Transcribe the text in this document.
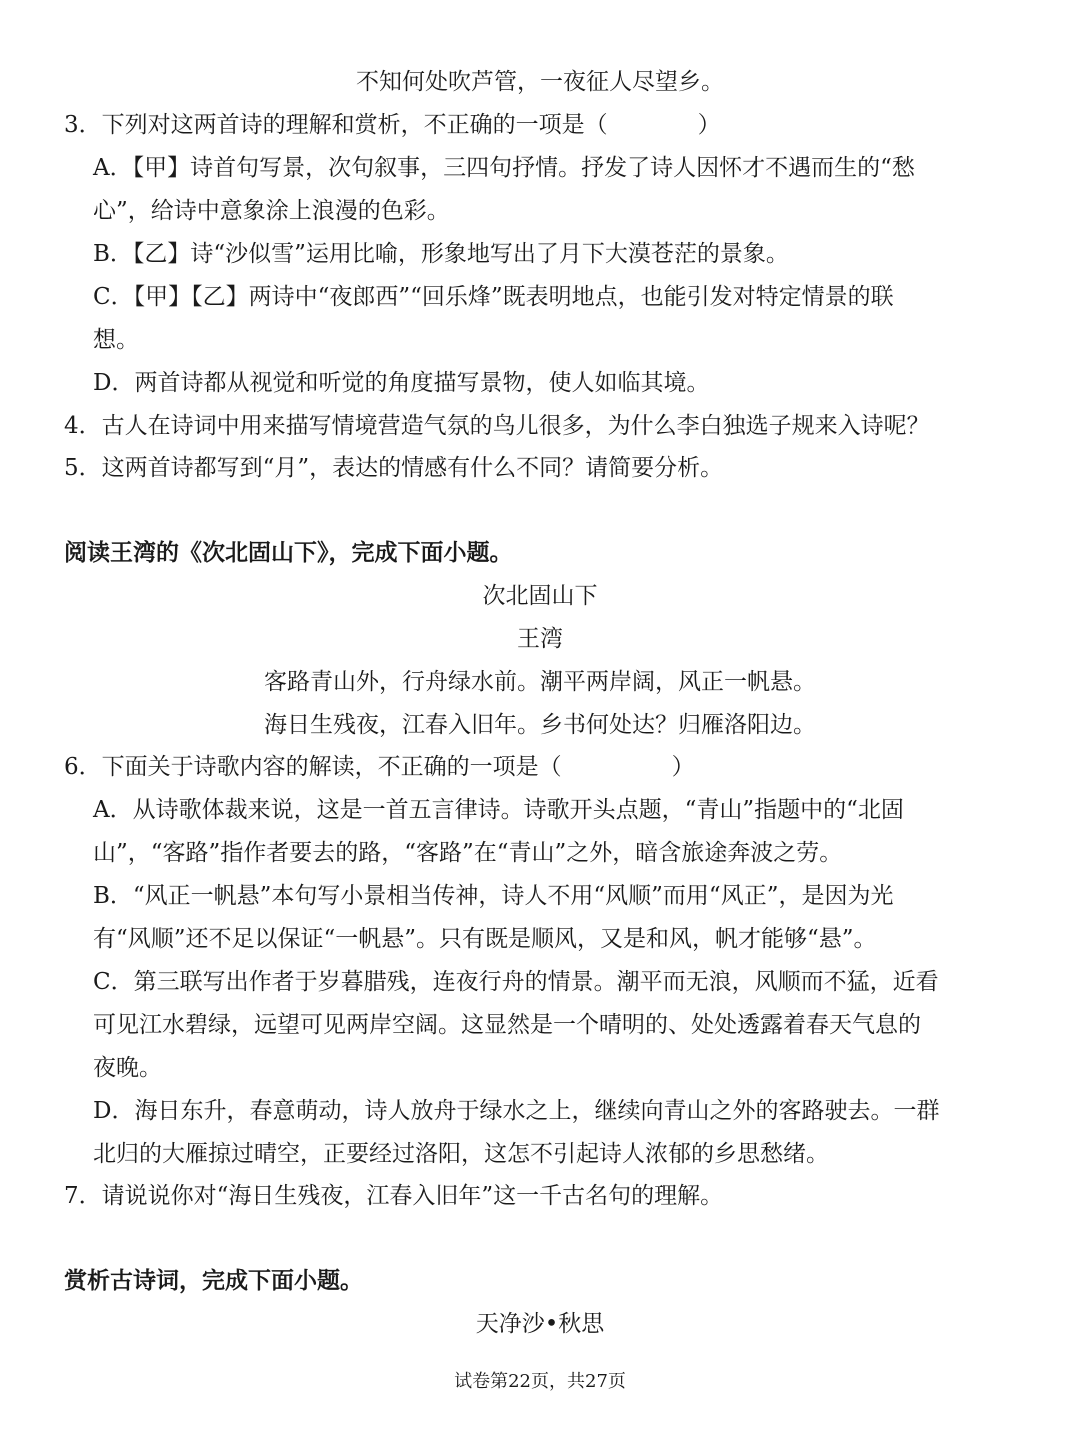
不知何处吹芦管，一夜征人尽望乡。
3．下列对这两首诗的理解和赏析，不正确的一项是（	）
A．【甲】诗首句写景，次句叙事，三四句抒情。抒发了诗人因怀才不遇而生的“愁
心”，给诗中意象涂上浪漫的色彩。
B．【乙】诗“沙似雪”运用比喻，形象地写出了月下大漠苍茫的景象。
C．【甲】【乙】两诗中“夜郎西”“回乐烽”既表明地点，也能引发对特定情景的联
想。
D．两首诗都从视觉和听觉的角度描写景物，使人如临其境。
4．古人在诗词中用来描写情境营造气氛的鸟儿很多，为什么李白独选子规来入诗呢？
5．这两首诗都写到“月”，表达的情感有什么不同？请简要分析。
阅读王湾的《次北固山下》，完成下面小题。
次北固山下
王湾
客路青山外，行舟绿水前。潮平两岸阔，风正一帆悬。
海日生残夜，江春入旧年。乡书何处达？归雁洛阳边。
6．下面关于诗歌内容的解读，不正确的一项是（	）
A．从诗歌体裁来说，这是一首五言律诗。诗歌开头点题，“青山”指题中的“北固
山”，“客路”指作者要去的路，“客路”在“青山”之外，暗含旅途奔波之劳。
B．“风正一帆悬”本句写小景相当传神，诗人不用“风顺”而用“风正”，是因为光
有“风顺”还不足以保证“一帆悬”。只有既是顺风，又是和风，帆才能够“悬”。
C．第三联写出作者于岁暮腊残，连夜行舟的情景。潮平而无浪，风顺而不猛，近看
可见江水碧绿，远望可见两岸空阔。这显然是一个晴明的、处处透露着春天气息的
夜晚。
D．海日东升，春意萌动，诗人放舟于绿水之上，继续向青山之外的客路驶去。一群
北归的大雁掠过晴空，正要经过洛阳，这怎不引起诗人浓郁的乡思愁绪。
7．请说说你对“海日生残夜，江春入旧年”这一千古名句的理解。
赏析古诗词，完成下面小题。
天净沙•秋思
试卷第22页，共27页
